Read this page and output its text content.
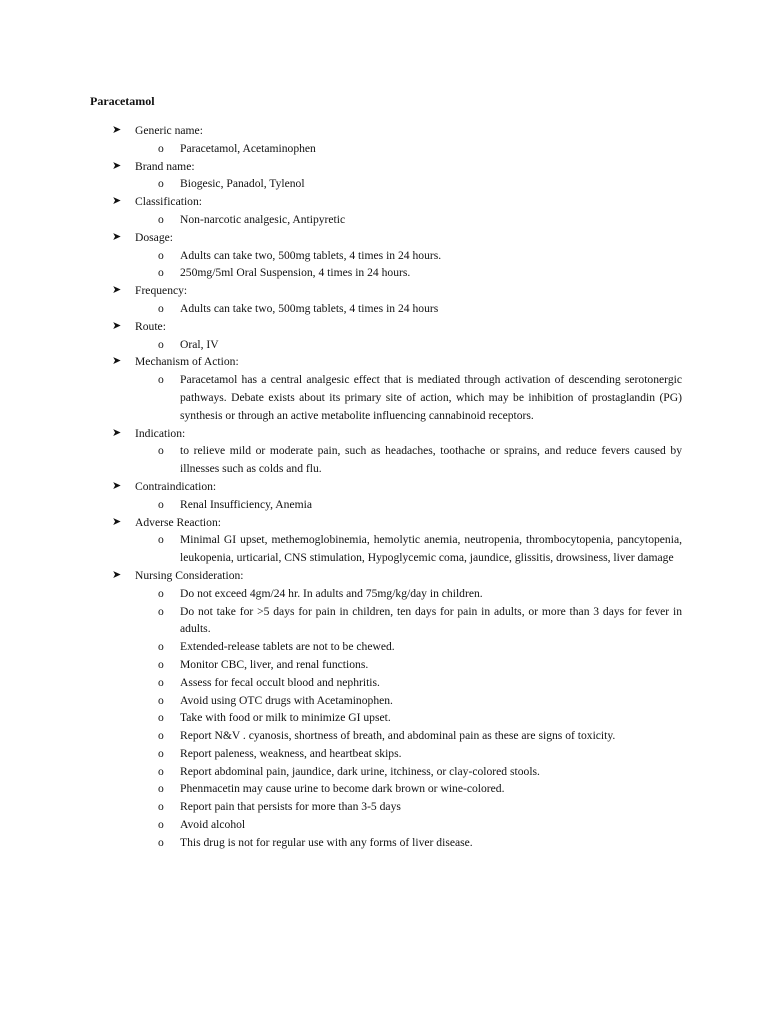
Paracetamol
➤ Generic name:
o Paracetamol, Acetaminophen
➤ Brand name:
o Biogesic, Panadol, Tylenol
➤ Classification:
o Non-narcotic analgesic, Antipyretic
➤ Dosage:
o Adults can take two, 500mg tablets, 4 times in 24 hours.
o 250mg/5ml Oral Suspension, 4 times in 24 hours.
➤ Frequency:
o Adults can take two, 500mg tablets, 4 times in 24 hours
➤ Route:
o Oral, IV
➤ Mechanism of Action:
o Paracetamol has a central analgesic effect that is mediated through activation of descending serotonergic pathways. Debate exists about its primary site of action, which may be inhibition of prostaglandin (PG) synthesis or through an active metabolite influencing cannabinoid receptors.
➤ Indication:
o to relieve mild or moderate pain, such as headaches, toothache or sprains, and reduce fevers caused by illnesses such as colds and flu.
➤ Contraindication:
o Renal Insufficiency, Anemia
➤ Adverse Reaction:
o Minimal GI upset, methemoglobinemia, hemolytic anemia, neutropenia, thrombocytopenia, pancytopenia, leukopenia, urticarial, CNS stimulation, Hypoglycemic coma, jaundice, glissitis, drowsiness, liver damage
➤ Nursing Consideration:
o Do not exceed 4gm/24 hr. In adults and 75mg/kg/day in children.
o Do not take for >5 days for pain in children, ten days for pain in adults, or more than 3 days for fever in adults.
o Extended-release tablets are not to be chewed.
o Monitor CBC, liver, and renal functions.
o Assess for fecal occult blood and nephritis.
o Avoid using OTC drugs with Acetaminophen.
o Take with food or milk to minimize GI upset.
o Report N&V . cyanosis, shortness of breath, and abdominal pain as these are signs of toxicity.
o Report paleness, weakness, and heartbeat skips.
o Report abdominal pain, jaundice, dark urine, itchiness, or clay-colored stools.
o Phenmacetin may cause urine to become dark brown or wine-colored.
o Report pain that persists for more than 3-5 days
o Avoid alcohol
o This drug is not for regular use with any forms of liver disease.
